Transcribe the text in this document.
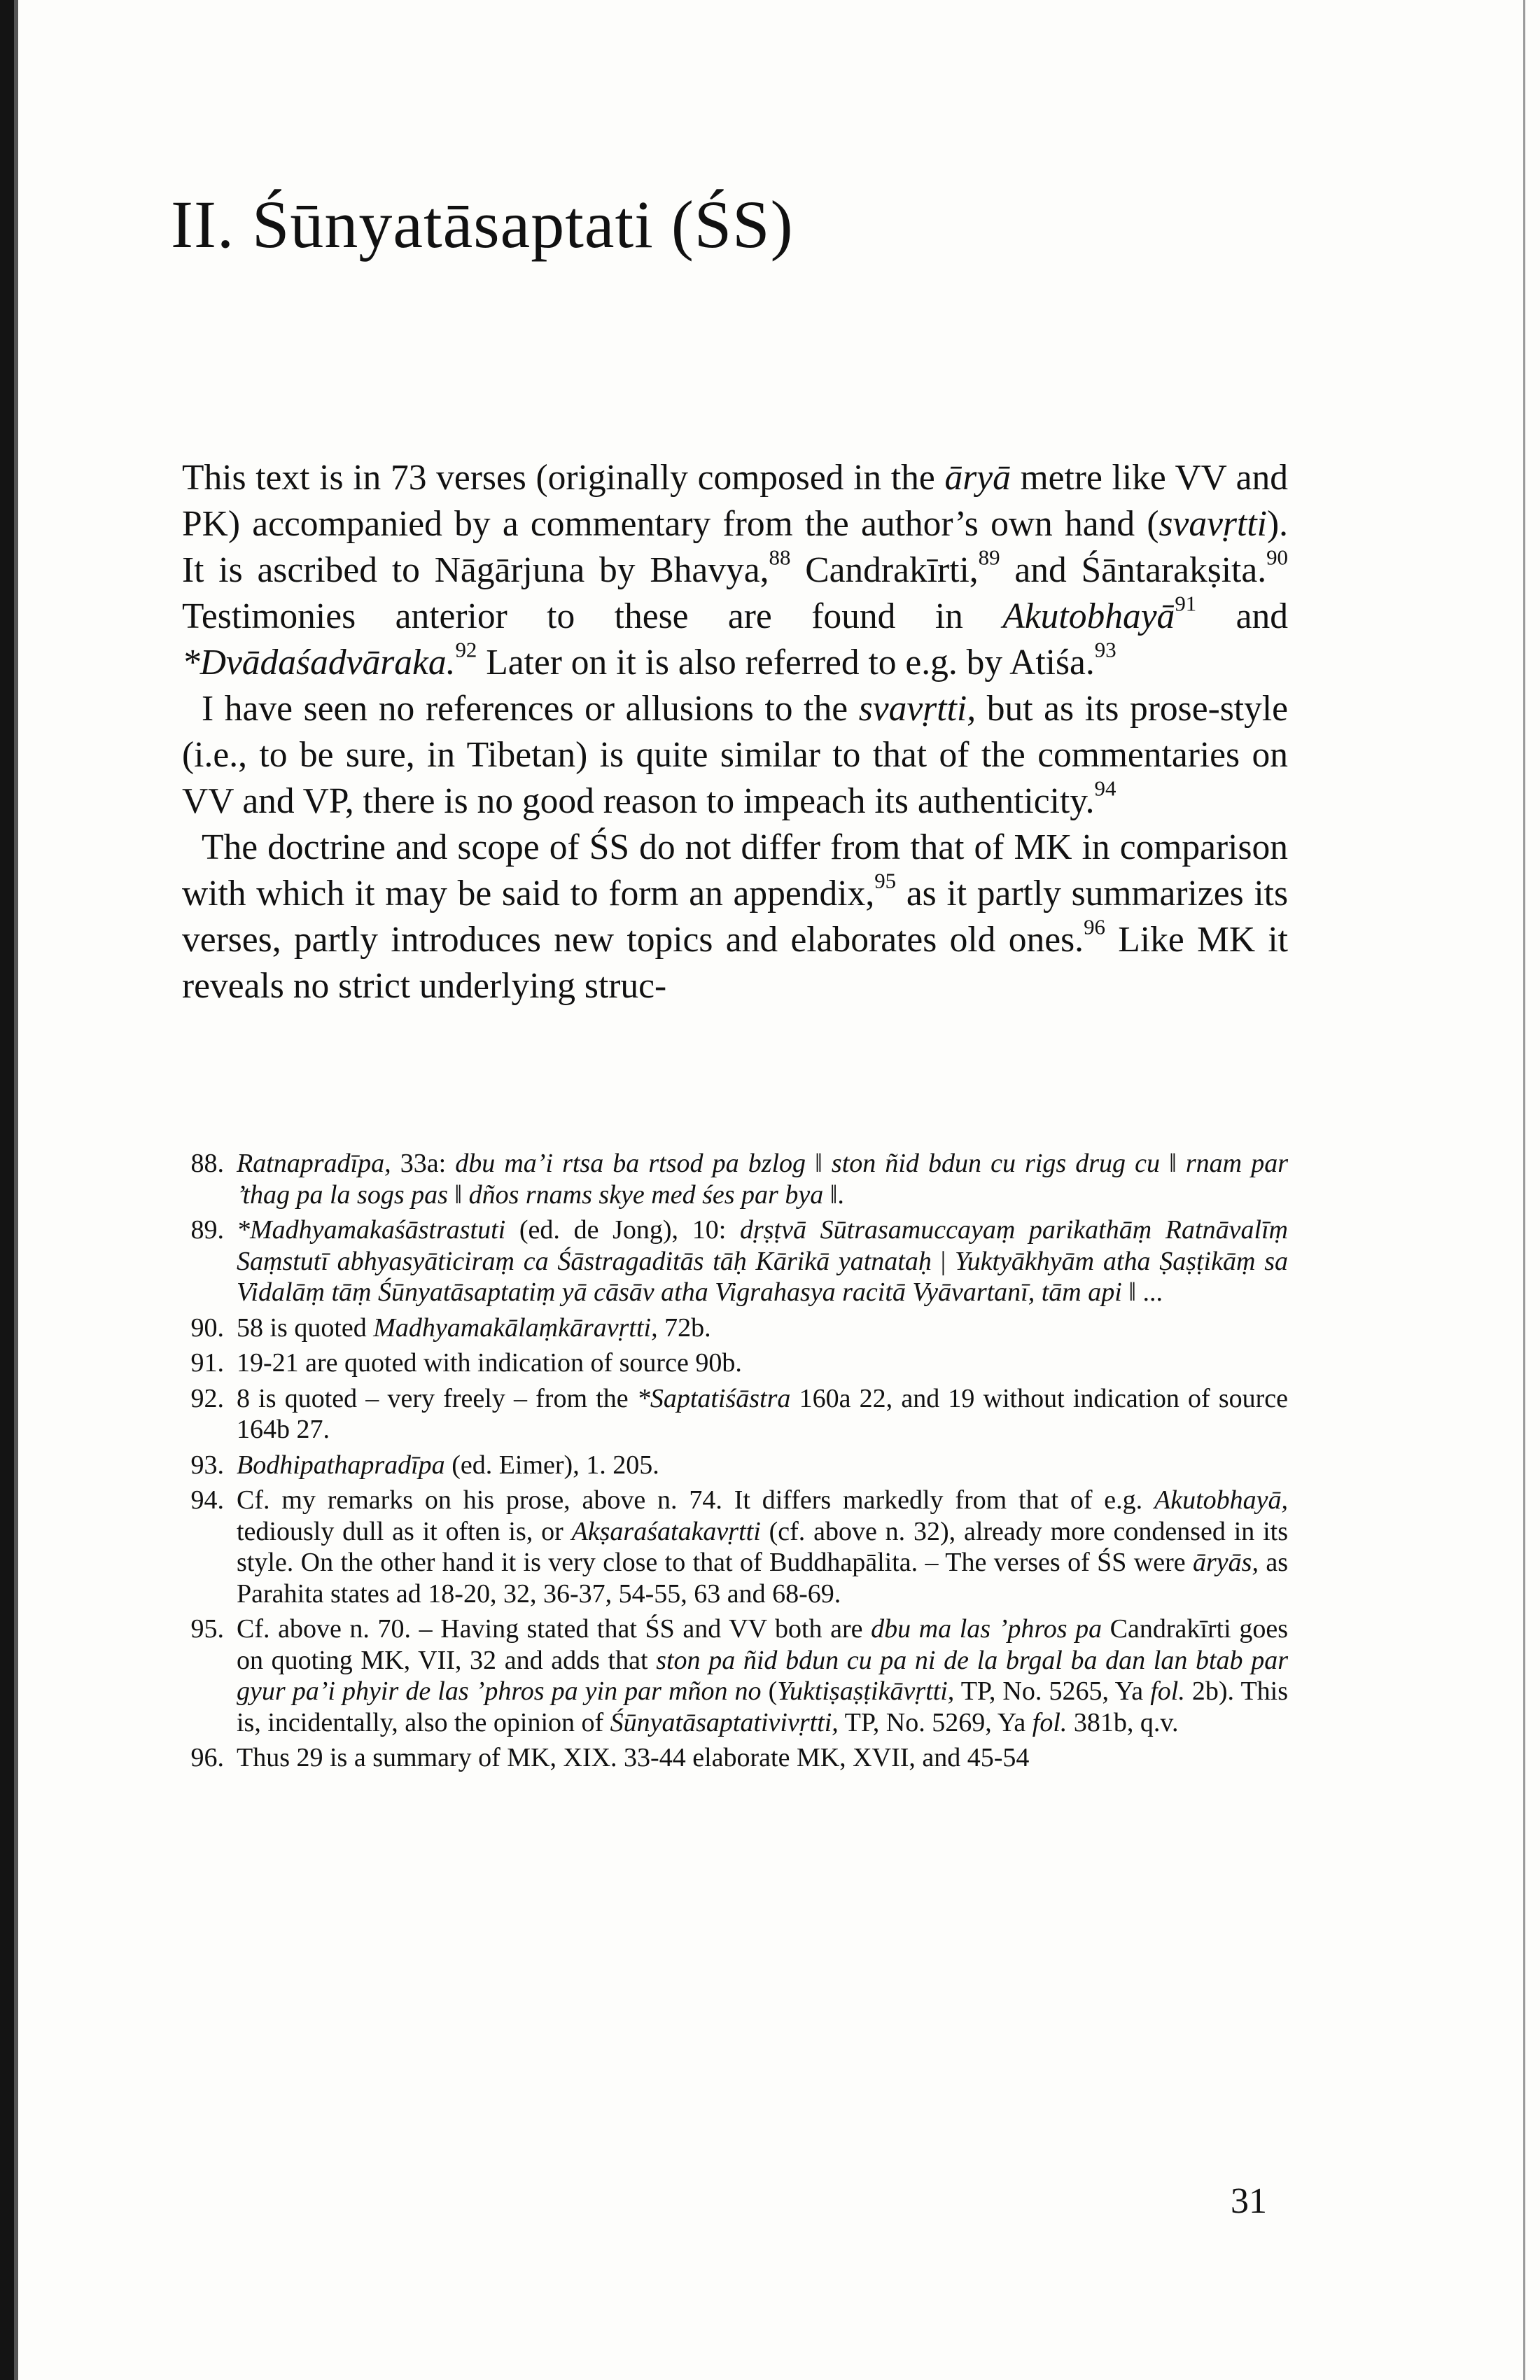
II. Śūnyatāsaptati (ŚS)

This text is in 73 verses (originally composed in the āryā metre like VV and PK) accompanied by a commentary from the author’s own hand (svavṛtti). It is ascribed to Nāgārjuna by Bhavya,$^{88}$ Candrakīrti,$^{89}$ and Śāntarakṣita.$^{90}$ Testimonies anterior to these are found in Akutobhayā$^{91}$ and *Dvādaśadvāraka.$^{92}$ Later on it is also referred to e.g. by Atiśa.$^{93}$

I have seen no references or allusions to the svavṛtti, but as its prose-style (i.e., to be sure, in Tibetan) is quite similar to that of the commentaries on VV and VP, there is no good reason to impeach its authenticity.$^{94}$

The doctrine and scope of ŚS do not differ from that of MK in comparison with which it may be said to form an appendix,$^{95}$ as it partly summarizes its verses, partly introduces new topics and elaborates old ones.$^{96}$ Like MK it reveals no strict underlying struc-

88. Ratnapradīpa, 33a: dbu ma’i rtsa ba rtsod pa bzlog ǁ ston ñid bdun cu rigs drug cu ǁ rnam par ’thag pa la sogs pas ǁ dños rnams skye med śes par bya ǁ.
89. *Madhyamakaśāstrastuti (ed. de Jong), 10: dṛṣṭvā Sūtrasamuccayaṃ parikathāṃ Ratnāvalīṃ Saṃstutī abhyasyāticiraṃ ca Śāstragaditās tāḥ Kārikā yatnataḥ | Yuktyākhyām atha Ṣaṣṭikāṃ sa Vidalāṃ tāṃ Śūnyatāsaptatiṃ yā cāsāv atha Vigrahasya racitā Vyāvartanī, tām api ǁ ...
90. 58 is quoted Madhyamakālaṃkāravṛtti, 72b.
91. 19-21 are quoted with indication of source 90b.
92. 8 is quoted – very freely – from the *Saptatiśāstra 160a 22, and 19 without indication of source 164b 27.
93. Bodhipathapradīpa (ed. Eimer), 1. 205.
94. Cf. my remarks on his prose, above n. 74. It differs markedly from that of e.g. Akutobhayā, tediously dull as it often is, or Akṣaraśatakavṛtti (cf. above n. 32), already more condensed in its style. On the other hand it is very close to that of Buddhapālita. – The verses of ŚS were āryās, as Parahita states ad 18-20, 32, 36-37, 54-55, 63 and 68-69.
95. Cf. above n. 70. – Having stated that ŚS and VV both are dbu ma las ’phros pa Candrakīrti goes on quoting MK, VII, 32 and adds that ston pa ñid bdun cu pa ni de la brgal ba dan lan btab par gyur pa’i phyir de las ’phros pa yin par mñon no (Yuktiṣaṣṭikāvṛtti, TP, No. 5265, Ya fol. 2b). This is, incidentally, also the opinion of Śūnyatāsaptativivṛtti, TP, No. 5269, Ya fol. 381b, q.v.
96. Thus 29 is a summary of MK, XIX. 33-44 elaborate MK, XVII, and 45-54
31
